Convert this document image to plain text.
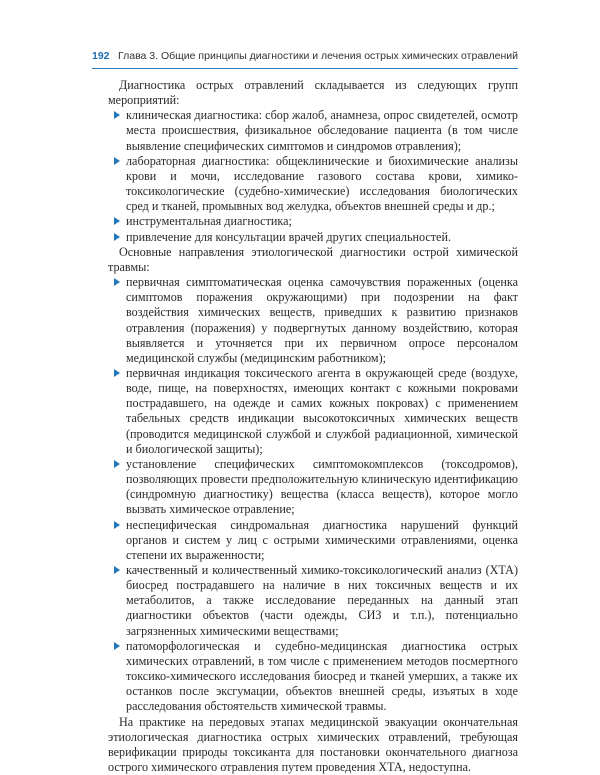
192 Глава 3. Общие принципы диагностики и лечения острых химических отравлений

Диагностика острых отравлений складывается из следующих групп мероприятий:

клиническая диагностика: сбор жалоб, анамнеза, опрос свидетелей, осмотр места происшествия, физикальное обследование пациента (в том числе выявление специфических симптомов и синдромов отравления);
лабораторная диагностика: общеклинические и биохимические анализы крови и мочи, исследование газового состава крови, химико-токсикологические (судебно-химические) исследования биологических сред и тканей, промывных вод желудка, объектов внешней среды и др.;
инструментальная диагностика;
привлечение для консультации врачей других специальностей.

Основные направления этиологической диагностики острой химической травмы:

первичная симптоматическая оценка самочувствия пораженных (оценка симптомов поражения окружающими) при подозрении на факт воздействия химических веществ, приведших к развитию признаков отравления (поражения) у подвергнутых данному воздействию, которая выявляется и уточняется при их первичном опросе персоналом медицинской службы (медицинским работником);
первичная индикация токсического агента в окружающей среде (воздухе, воде, пище, на поверхностях, имеющих контакт с кожными покровами пострадавшего, на одежде и самих кожных покровах) с применением табельных средств индикации высокотоксичных химических веществ (проводится медицинской службой и службой радиационной, химической и биологической защиты);
установление специфических симптомокомплексов (токсодромов), позволяющих провести предположительную клиническую идентификацию (синдромную диагностику) вещества (класса веществ), которое могло вызвать химическое отравление;
неспецифическая синдромальная диагностика нарушений функций органов и систем у лиц с острыми химическими отравлениями, оценка степени их выраженности;
качественный и количественный химико-токсикологический анализ (ХТА) биосред пострадавшего на наличие в них токсичных веществ и их метаболитов, а также исследование переданных на данный этап диагностики объектов (части одежды, СИЗ и т.п.), потенциально загрязненных химическими веществами;
патоморфологическая и судебно-медицинская диагностика острых химических отравлений, в том числе с применением методов посмертного токсико-химического исследования биосред и тканей умерших, а также их останков после эксгумации, объектов внешней среды, изъятых в ходе расследования обстоятельств химической травмы.

На практике на передовых этапах медицинской эвакуации окончательная этиологическая диагностика острых химических отравлений, требующая верификации природы токсиканта для постановки окончательного диагноза острого химического отравления путем проведения ХТА, недоступна.
